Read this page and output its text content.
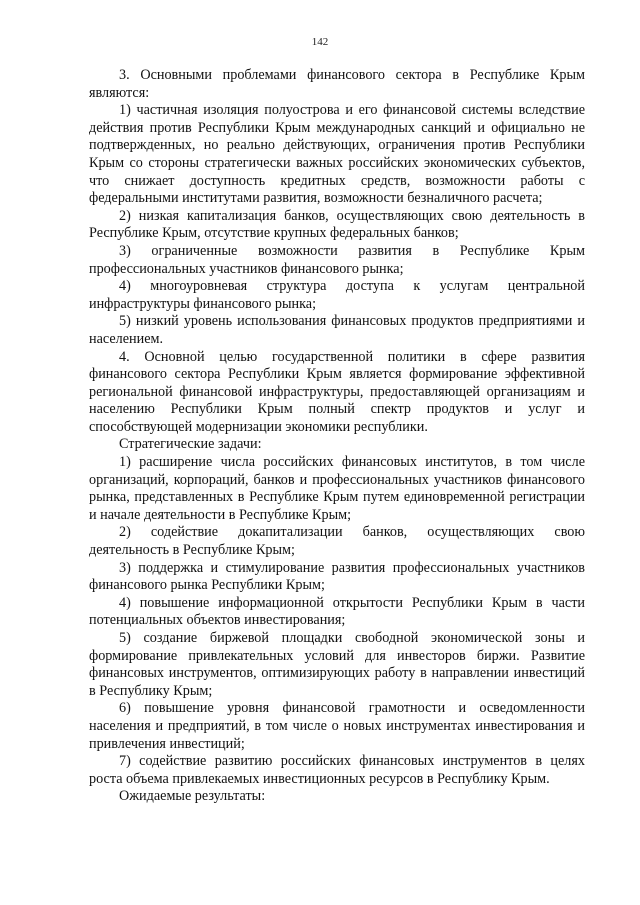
142

3. Основными проблемами финансового сектора в Республике Крым являются:

1) частичная изоляция полуострова и его финансовой системы вследствие действия против Республики Крым международных санкций и официально не подтвержденных, но реально действующих, ограничения против Республики Крым со стороны стратегически важных российских экономических субъектов, что снижает доступность кредитных средств, возможности работы с федеральными институтами развития, возможности безналичного расчета;

2) низкая капитализация банков, осуществляющих свою деятельность в Республике Крым, отсутствие крупных федеральных банков;

3) ограниченные возможности развития в Республике Крым профессиональных участников финансового рынка;

4) многоуровневая структура доступа к услугам центральной инфраструктуры финансового рынка;

5) низкий уровень использования финансовых продуктов предприятиями и населением.

4. Основной целью государственной политики в сфере развития финансового сектора Республики Крым является формирование эффективной региональной финансовой инфраструктуры, предоставляющей организациям и населению Республики Крым полный спектр продуктов и услуг и способствующей модернизации экономики республики.

Стратегические задачи:

1) расширение числа российских финансовых институтов, в том числе организаций, корпораций, банков и профессиональных участников финансового рынка, представленных в Республике Крым путем единовременной регистрации и начале деятельности в Республике Крым;

2) содействие докапитализации банков, осуществляющих свою деятельность в Республике Крым;

3) поддержка и стимулирование развития профессиональных участников финансового рынка Республики Крым;

4) повышение информационной открытости Республики Крым в части потенциальных объектов инвестирования;

5) создание биржевой площадки свободной экономической зоны и формирование привлекательных условий для инвесторов биржи. Развитие финансовых инструментов, оптимизирующих работу в направлении инвестиций в Республику Крым;

6) повышение уровня финансовой грамотности и осведомленности населения и предприятий, в том числе о новых инструментах инвестирования и привлечения инвестиций;

7) содействие развитию российских финансовых инструментов в целях роста объема привлекаемых инвестиционных ресурсов в Республику Крым.

Ожидаемые результаты:
